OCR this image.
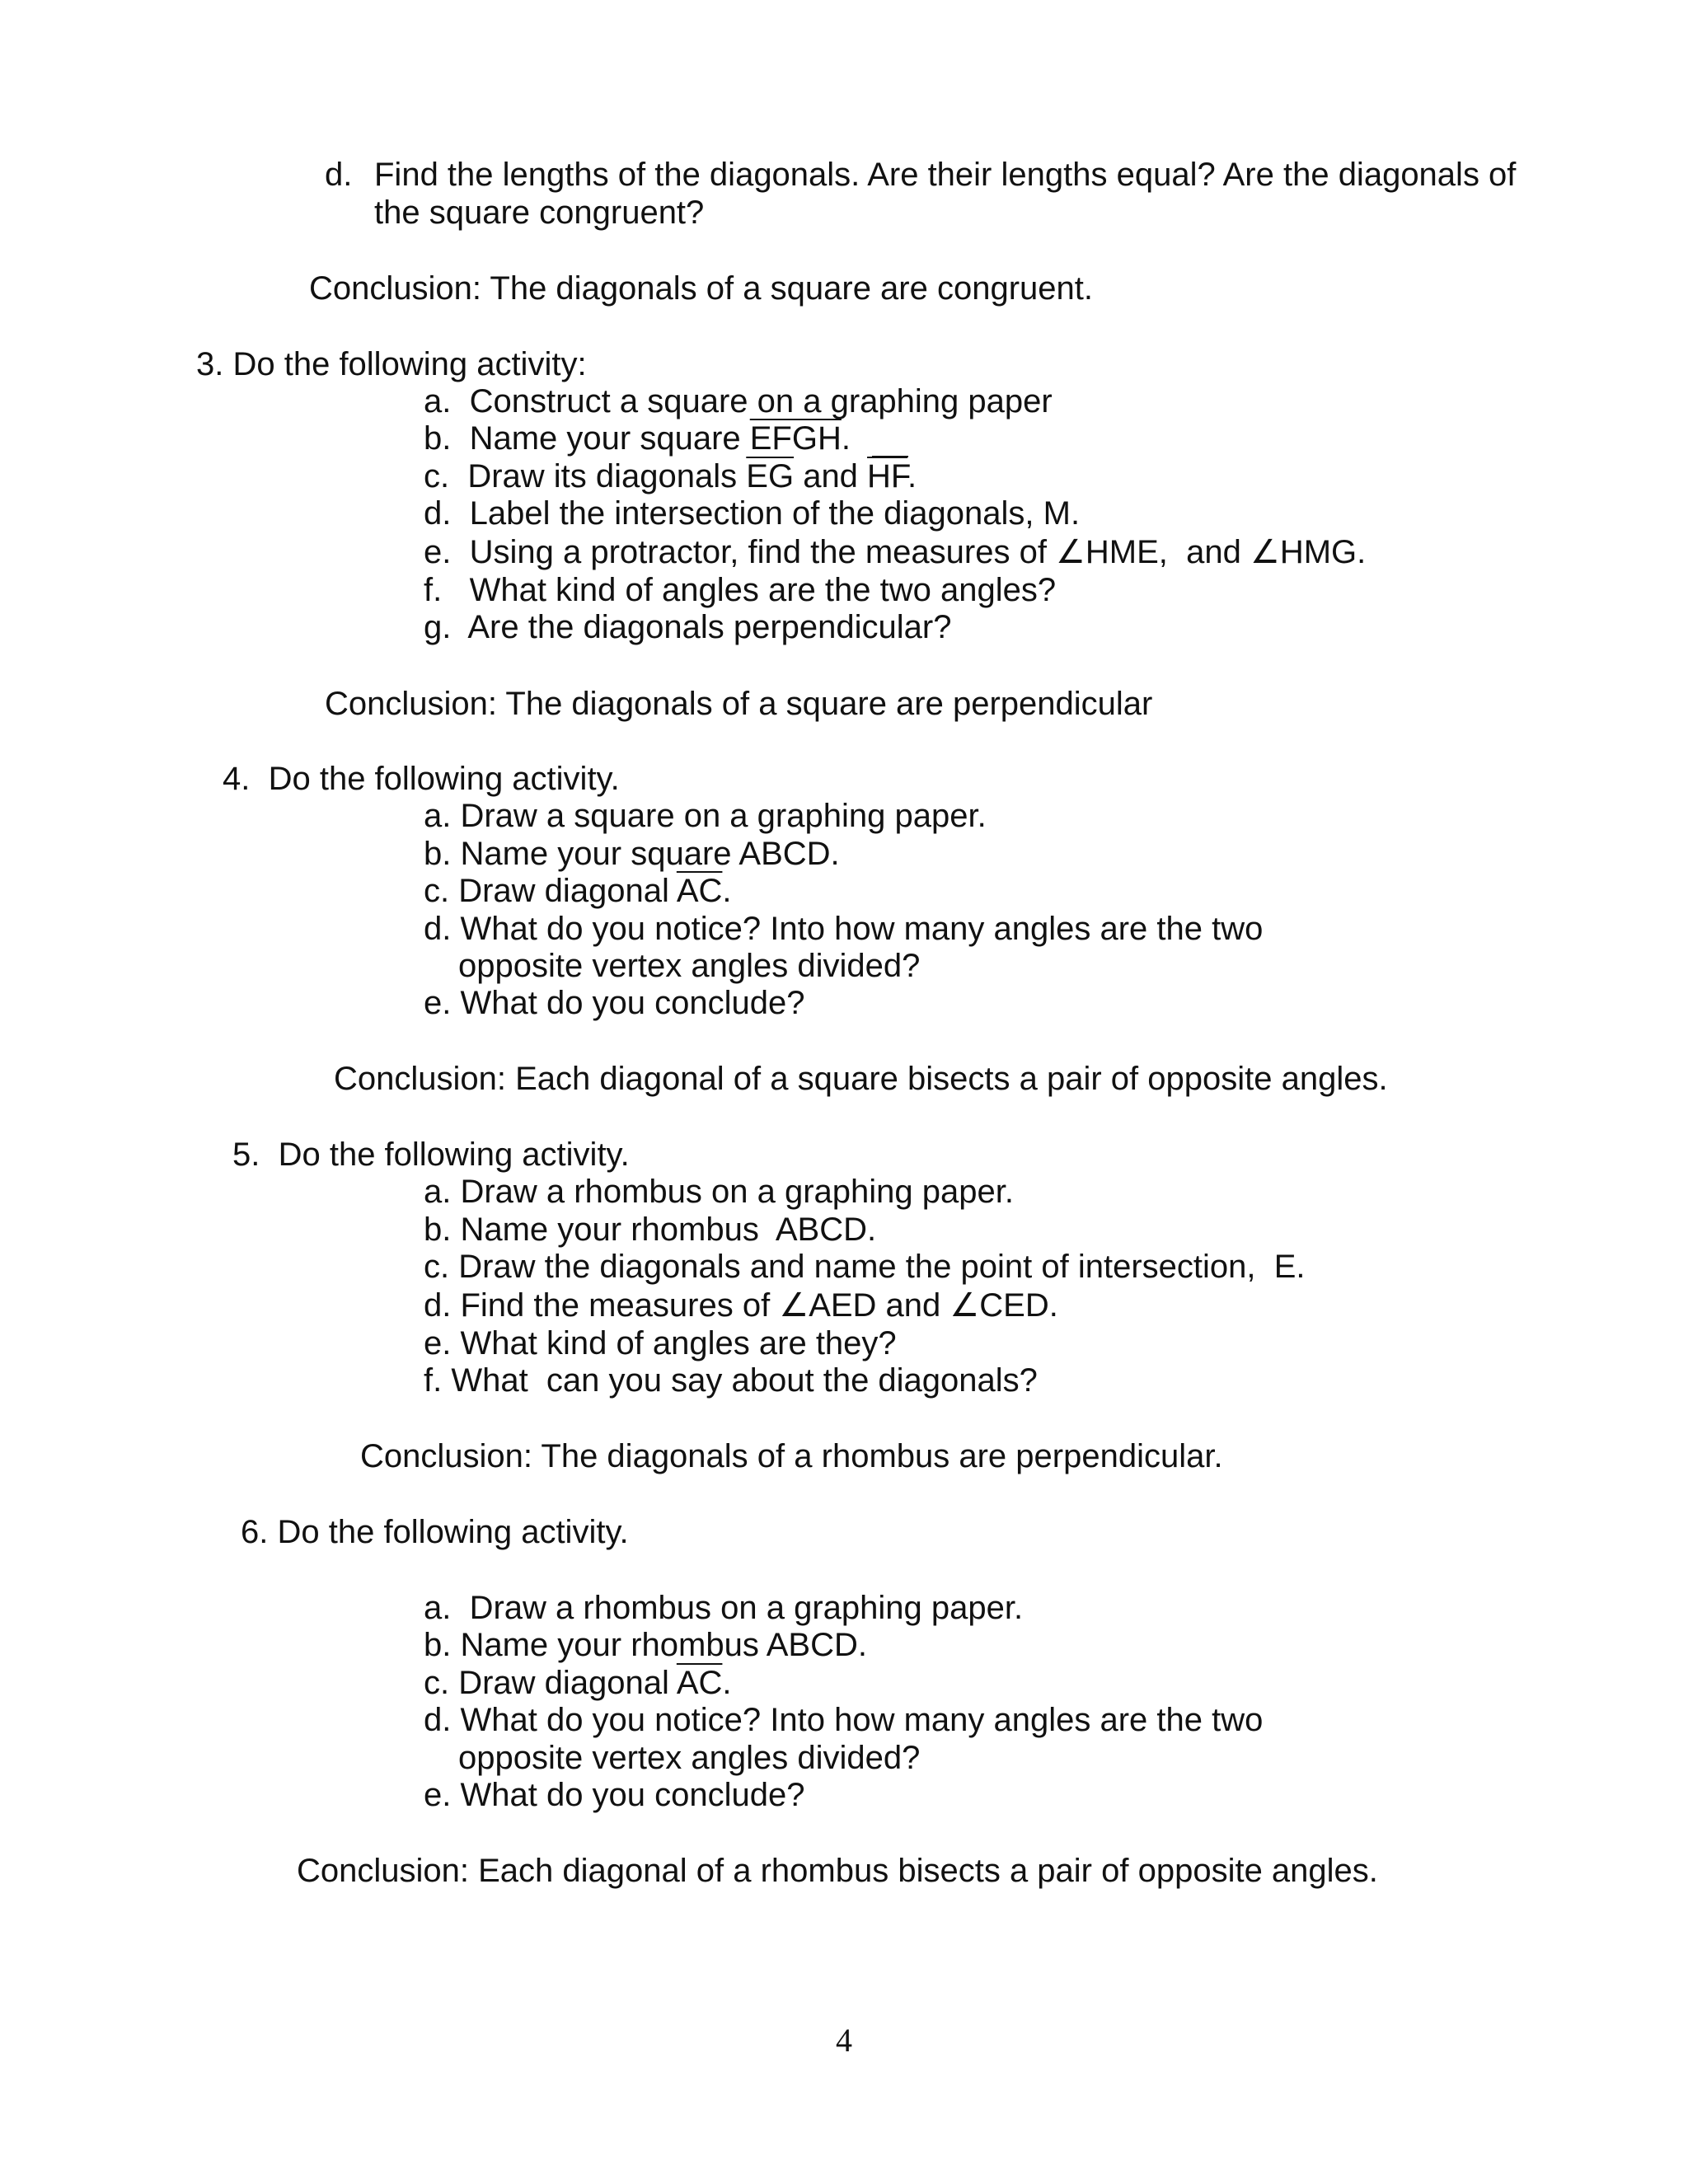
d. Find the lengths of the diagonals. Are their lengths equal? Are the diagonals of
the square congruent?
Conclusion: The diagonals of a square are congruent.
3. Do the following activity:
a.  Construct a square on a graphing paper
b.  Name your square EFGH.
c.  Draw its diagonals $\overline{EG}$ and $\overline{HF}$.
d.  Label the intersection of the diagonals, M.
e.  Using a protractor, find the measures of ∠HME,  and ∠HMG.
f.   What kind of angles are the two angles?
g.  Are the diagonals perpendicular?
Conclusion: The diagonals of a square are perpendicular
4.  Do the following activity.
a. Draw a square on a graphing paper.
b. Name your square ABCD.
c. Draw diagonal $\overline{AC}$.
d. What do you notice? Into how many angles are the two
opposite vertex angles divided?
e. What do you conclude?
Conclusion: Each diagonal of a square bisects a pair of opposite angles.
5.  Do the following activity.
a. Draw a rhombus on a graphing paper.
b. Name your rhombus  ABCD.
c. Draw the diagonals and name the point of intersection,  E.
d. Find the measures of ∠AED and ∠CED.
e. What kind of angles are they?
f. What  can you say about the diagonals?
Conclusion: The diagonals of a rhombus are perpendicular.
6. Do the following activity.
a.  Draw a rhombus on a graphing paper.
b. Name your rhombus ABCD.
c. Draw diagonal $\overline{AC}$.
d. What do you notice? Into how many angles are the two
opposite vertex angles divided?
e. What do you conclude?
Conclusion: Each diagonal of a rhombus bisects a pair of opposite angles.
4
